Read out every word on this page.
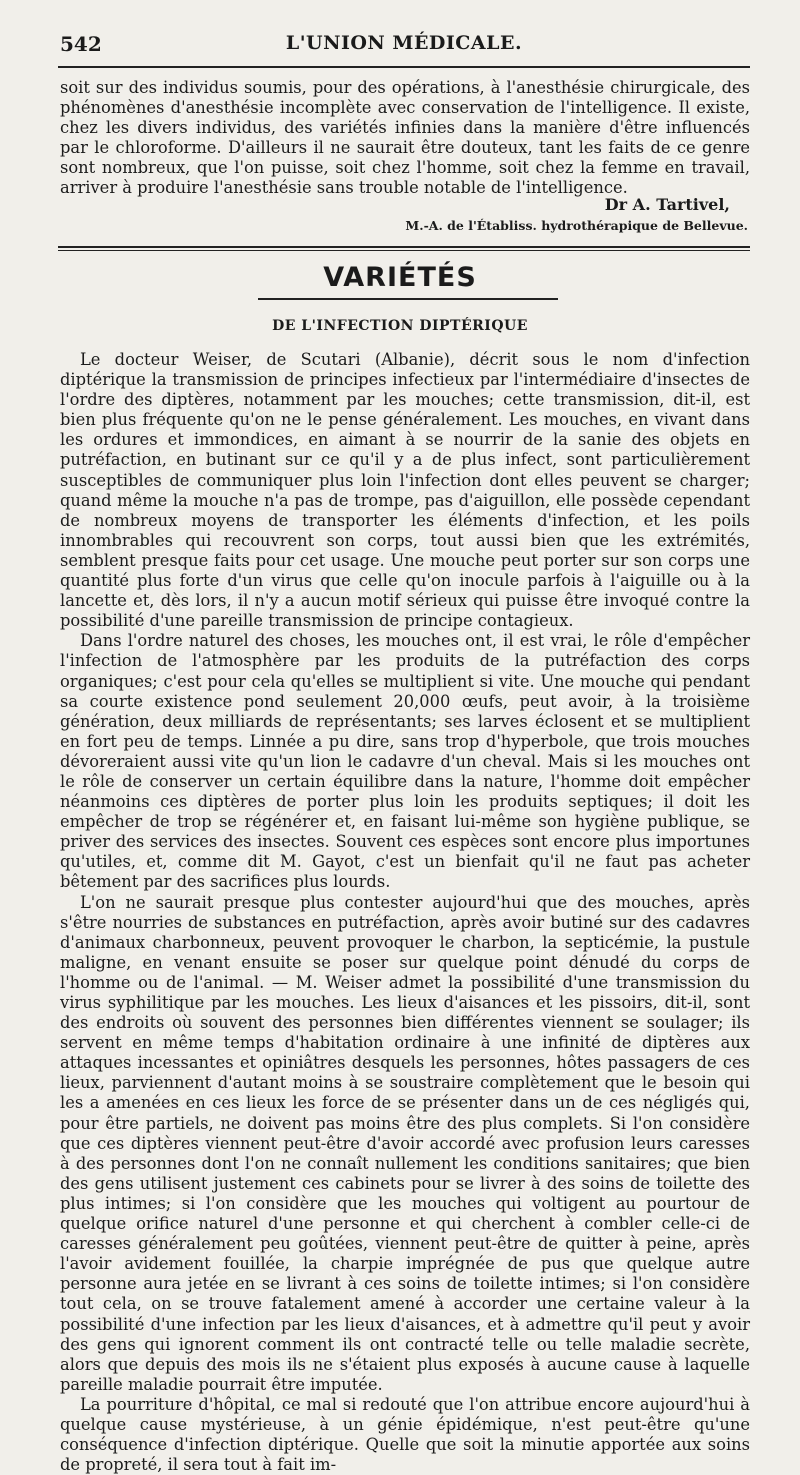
542	L'UNION MÉDICALE.

soit sur des individus soumis, pour des opérations, à l'anesthésie chirurgicale, des phénomènes d'anesthésie incomplète avec conservation de l'intelligence. Il existe, chez les divers individus, des variétés infinies dans la manière d'être influencés par le chloroforme. D'ailleurs il ne saurait être douteux, tant les faits de ce genre sont nombreux, que l'on puisse, soit chez l'homme, soit chez la femme en travail, arriver à produire l'anesthésie sans trouble notable de l'intelligence.

Dr A. Tartivel,
M.-A. de l'Établiss. hydrothérapique de Bellevue.
VARIÉTÉS
DE L'INFECTION DIPTÉRIQUE

Le docteur Weiser, de Scutari (Albanie), décrit sous le nom d'infection diptérique la transmission de principes infectieux par l'intermédiaire d'insectes de l'ordre des diptères, notamment par les mouches; cette transmission, dit-il, est bien plus fréquente qu'on ne le pense généralement. Les mouches, en vivant dans les ordures et immondices, en aimant à se nourrir de la sanie des objets en putréfaction, en butinant sur ce qu'il y a de plus infect, sont particulièrement susceptibles de communiquer plus loin l'infection dont elles peuvent se charger; quand même la mouche n'a pas de trompe, pas d'aiguillon, elle possède cependant de nombreux moyens de transporter les éléments d'infection, et les poils innombrables qui recouvrent son corps, tout aussi bien que les extrémités, semblent presque faits pour cet usage. Une mouche peut porter sur son corps une quantité plus forte d'un virus que celle qu'on inocule parfois à l'aiguille ou à la lancette et, dès lors, il n'y a aucun motif sérieux qui puisse être invoqué contre la possibilité d'une pareille transmission de principe contagieux.

Dans l'ordre naturel des choses, les mouches ont, il est vrai, le rôle d'empêcher l'infection de l'atmosphère par les produits de la putréfaction des corps organiques; c'est pour cela qu'elles se multiplient si vite. Une mouche qui pendant sa courte existence pond seulement 20,000 œufs, peut avoir, à la troisième génération, deux milliards de représentants; ses larves éclosent et se multiplient en fort peu de temps. Linnée a pu dire, sans trop d'hyperbole, que trois mouches dévoreraient aussi vite qu'un lion le cadavre d'un cheval. Mais si les mouches ont le rôle de conserver un certain équilibre dans la nature, l'homme doit empêcher néanmoins ces diptères de porter plus loin les produits septiques; il doit les empêcher de trop se régénérer et, en faisant lui-même son hygiène publique, se priver des services des insectes. Souvent ces espèces sont encore plus importunes qu'utiles, et, comme dit M. Gayot, c'est un bienfait qu'il ne faut pas acheter bêtement par des sacrifices plus lourds.

L'on ne saurait presque plus contester aujourd'hui que des mouches, après s'être nourries de substances en putréfaction, après avoir butiné sur des cadavres d'animaux charbonneux, peuvent provoquer le charbon, la septicémie, la pustule maligne, en venant ensuite se poser sur quelque point dénudé du corps de l'homme ou de l'animal. — M. Weiser admet la possibilité d'une transmission du virus syphilitique par les mouches. Les lieux d'aisances et les pissoirs, dit-il, sont des endroits où souvent des personnes bien différentes viennent se soulager; ils servent en même temps d'habitation ordinaire à une infinité de diptères aux attaques incessantes et opiniâtres desquels les personnes, hôtes passagers de ces lieux, parviennent d'autant moins à se soustraire complètement que le besoin qui les a amenées en ces lieux les force de se présenter dans un de ces négligés qui, pour être partiels, ne doivent pas moins être des plus complets. Si l'on considère que ces diptères viennent peut-être d'avoir accordé avec profusion leurs caresses à des personnes dont l'on ne connaît nullement les conditions sanitaires; que bien des gens utilisent justement ces cabinets pour se livrer à des soins de toilette des plus intimes; si l'on considère que les mouches qui voltigent au pourtour de quelque orifice naturel d'une personne et qui cherchent à combler celle-ci de caresses généralement peu goûtées, viennent peut-être de quitter à peine, après l'avoir avidement fouillée, la charpie imprégnée de pus que quelque autre personne aura jetée en se livrant à ces soins de toilette intimes; si l'on considère tout cela, on se trouve fatalement amené à accorder une certaine valeur à la possibilité d'une infection par les lieux d'aisances, et à admettre qu'il peut y avoir des gens qui ignorent comment ils ont contracté telle ou telle maladie secrète, alors que depuis des mois ils ne s'étaient plus exposés à aucune cause à laquelle pareille maladie pourrait être imputée.

La pourriture d'hôpital, ce mal si redouté que l'on attribue encore aujourd'hui à quelque cause mystérieuse, à un génie épidémique, n'est peut-être qu'une conséquence d'infection diptérique. Quelle que soit la minutie apportée aux soins de propreté, il sera tout à fait im-
